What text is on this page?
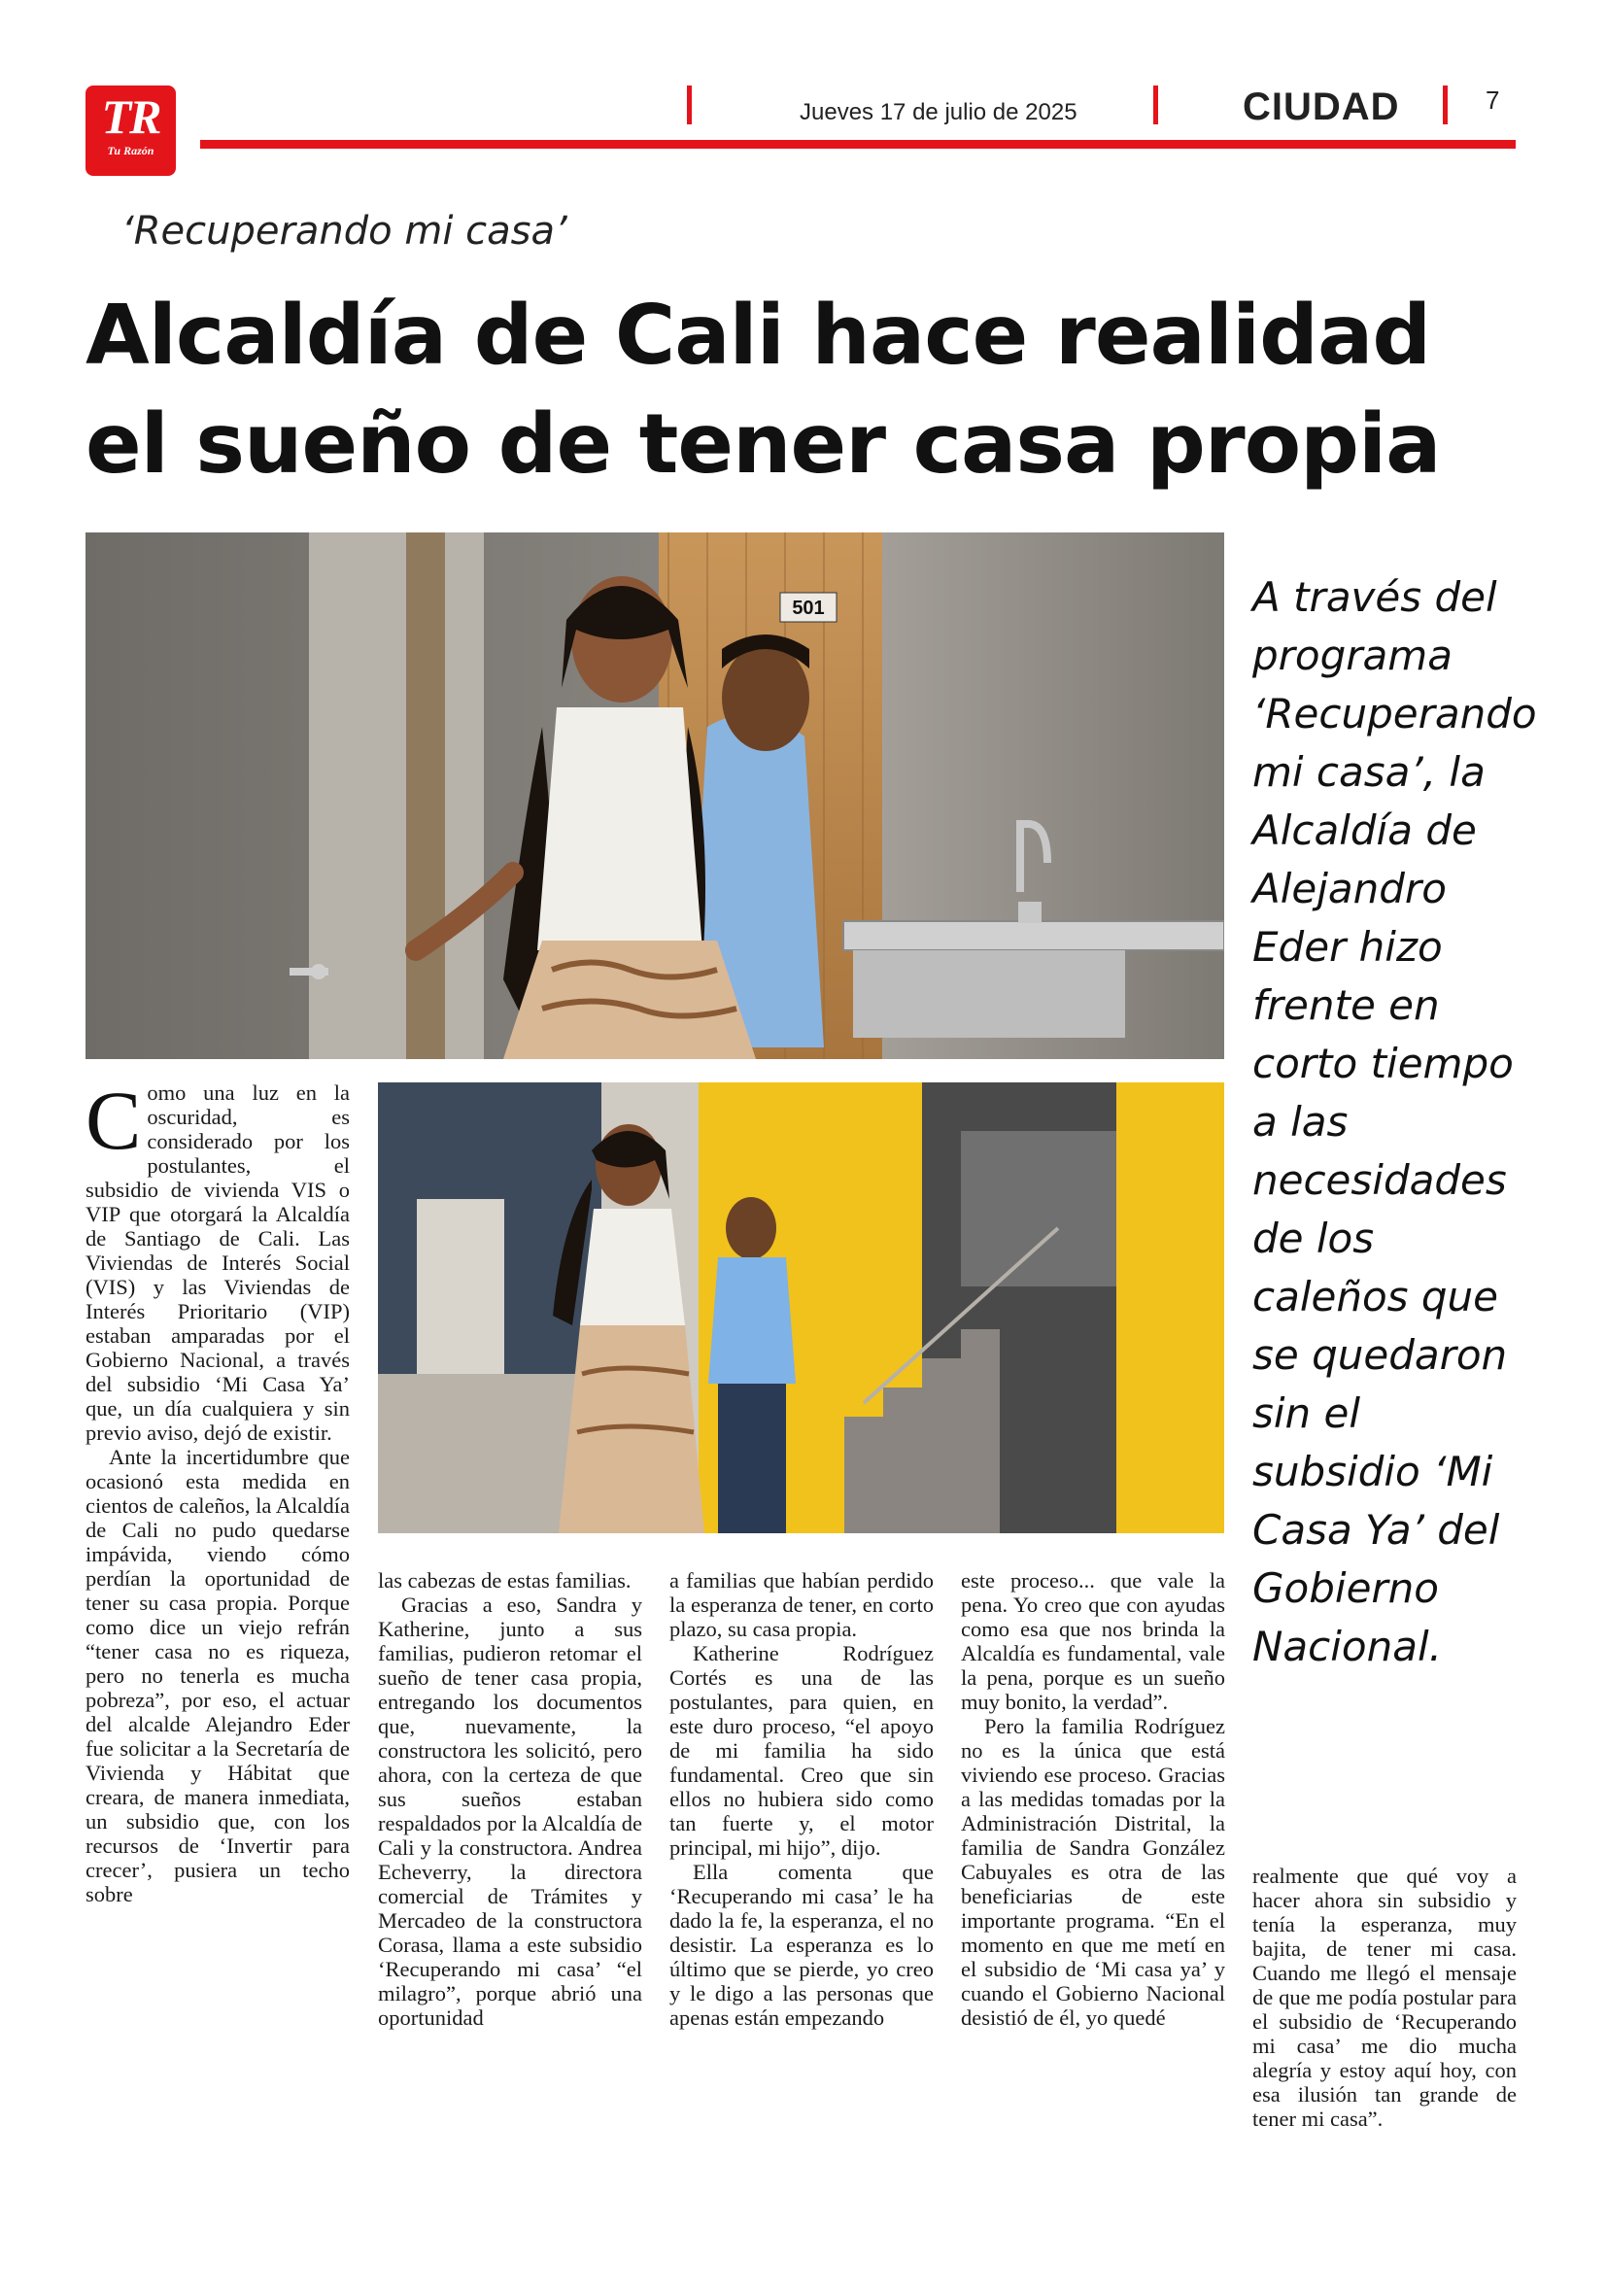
TR
Tu Razón
Jueves 17 de julio de 2025	CIUDAD	7
‘Recuperando mi casa’
Alcaldía de Cali hace realidad
el sueño de tener casa propia
501	A través del programa ‘Recuperando mi casa’, la Alcaldía de Alejandro Eder hizo frente en corto tiempo a las necesidades de los caleños que se quedaron sin el subsidio ‘Mi Casa Ya’ del Gobierno Nacional.

Como una luz en la oscuridad, es considerado por los postulantes, el subsidio de vivienda VIS o VIP que otorgará la Alcaldía de Santiago de Cali. Las Viviendas de Interés Social (VIS) y las Viviendas de Interés Prioritario (VIP) estaban amparadas por el Gobierno Nacional, a través del subsidio ‘Mi Casa Ya’ que, un día cualquiera y sin previo aviso, dejó de existir.

Ante la incertidumbre que ocasionó esta medida en cientos de caleños, la Alcaldía de Cali no pudo quedarse impávida, viendo cómo perdían la oportunidad de tener su casa propia. Porque como dice un viejo refrán “tener casa no es riqueza, pero no tenerla es mucha pobreza”, por eso, el actuar del alcalde Alejandro Eder fue solicitar a la Secretaría de Vivienda y Hábitat que creara, de manera inmediata, un subsidio que, con los recursos de ‘Invertir para crecer’, pusiera un techo sobre

las cabezas de estas familias.

Gracias a eso, Sandra y Katherine, junto a sus familias, pudieron retomar el sueño de tener casa propia, entregando los documentos que, nuevamente, la constructora les solicitó, pero ahora, con la certeza de que sus sueños estaban respaldados por la Alcaldía de Cali y la constructora. Andrea Echeverry, la directora comercial de Trámites y Mercadeo de la constructora Corasa, llama a este subsidio ‘Recuperando mi casa’ “el milagro”, porque abrió una oportunidad

a familias que habían perdido la esperanza de tener, en corto plazo, su casa propia.

Katherine Rodríguez Cortés es una de las postulantes, para quien, en este duro proceso, “el apoyo de mi familia ha sido fundamental. Creo que sin ellos no hubiera sido como tan fuerte y, el motor principal, mi hijo”, dijo.

Ella comenta que ‘Recuperando mi casa’ le ha dado la fe, la esperanza, el no desistir. La esperanza es lo último que se pierde, yo creo y le digo a las personas que apenas están empezando

este proceso... que vale la pena. Yo creo que con ayudas como esa que nos brinda la Alcaldía es fundamental, vale la pena, porque es un sueño muy bonito, la verdad”.

Pero la familia Rodríguez no es la única que está viviendo ese proceso. Gracias a las medidas tomadas por la Administración Distrital, la familia de Sandra González Cabuyales es otra de las beneficiarias de este importante programa. “En el momento en que me metí en el subsidio de ‘Mi casa ya’ y cuando el Gobierno Nacional desistió de él, yo quedé

realmente que qué voy a hacer ahora sin subsidio y tenía la esperanza, muy bajita, de tener mi casa. Cuando me llegó el mensaje de que me podía postular para el subsidio de ‘Recuperando mi casa’ me dio mucha alegría y estoy aquí hoy, con esa ilusión tan grande de tener mi casa”.
